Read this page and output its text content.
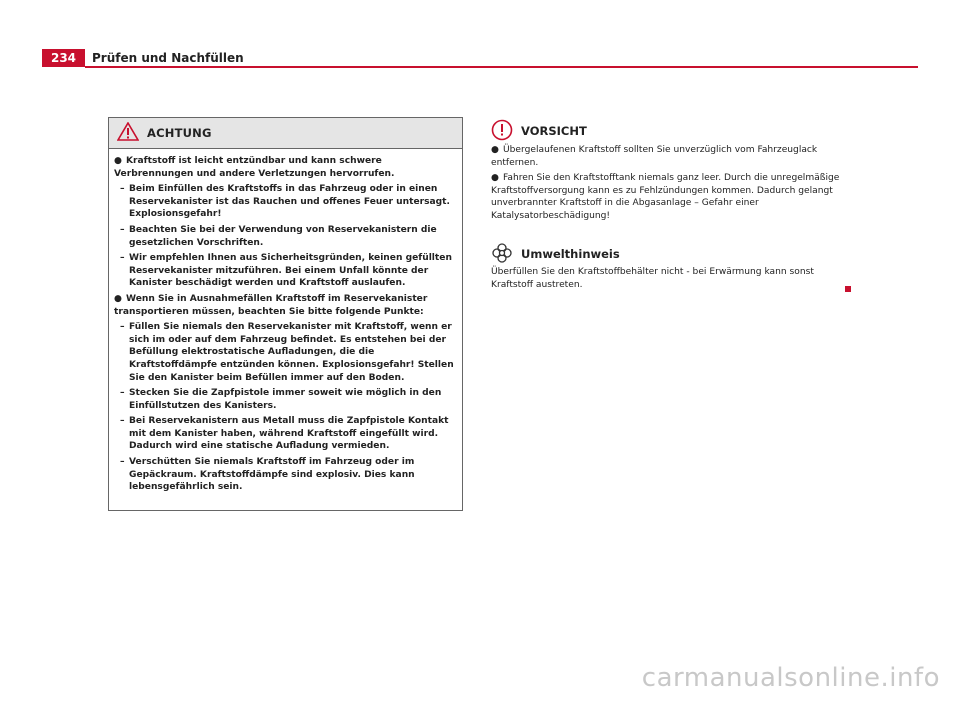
234	Prüfen und Nachfüllen
ACHTUNG

● Kraftstoff ist leicht entzündbar und kann schwere Verbrennungen und andere Verletzungen hervorrufen.

– Beim Einfüllen des Kraftstoffs in das Fahrzeug oder in einen Reservekanister ist das Rauchen und offenes Feuer untersagt. Explosionsgefahr!

– Beachten Sie bei der Verwendung von Reservekanistern die gesetzlichen Vorschriften.

– Wir empfehlen Ihnen aus Sicherheitsgründen, keinen gefüllten Reservekanister mitzuführen. Bei einem Unfall könnte der Kanister beschädigt werden und Kraftstoff auslaufen.

● Wenn Sie in Ausnahmefällen Kraftstoff im Reservekanister transportieren müssen, beachten Sie bitte folgende Punkte:

– Füllen Sie niemals den Reservekanister mit Kraftstoff, wenn er sich im oder auf dem Fahrzeug befindet. Es entstehen bei der Befüllung elektrostatische Aufladungen, die die Kraftstoffdämpfe entzünden können. Explosionsgefahr! Stellen Sie den Kanister beim Befüllen immer auf den Boden.

– Stecken Sie die Zapfpistole immer soweit wie möglich in den Einfüllstutzen des Kanisters.

– Bei Reservekanistern aus Metall muss die Zapfpistole Kontakt mit dem Kanister haben, während Kraftstoff eingefüllt wird. Dadurch wird eine statische Aufladung vermieden.

– Verschütten Sie niemals Kraftstoff im Fahrzeug oder im Gepäckraum. Kraftstoffdämpfe sind explosiv. Dies kann lebensgefährlich sein.

VORSICHT

● Übergelaufenen Kraftstoff sollten Sie unverzüglich vom Fahrzeuglack entfernen.

● Fahren Sie den Kraftstofftank niemals ganz leer. Durch die unregelmäßige Kraftstoffversorgung kann es zu Fehlzündungen kommen. Dadurch gelangt unverbrannter Kraftstoff in die Abgasanlage – Gefahr einer Katalysatorbeschädigung!

Umwelthinweis

Überfüllen Sie den Kraftstoffbehälter nicht - bei Erwärmung kann sonst Kraftstoff austreten.

carmanualsonline.info
